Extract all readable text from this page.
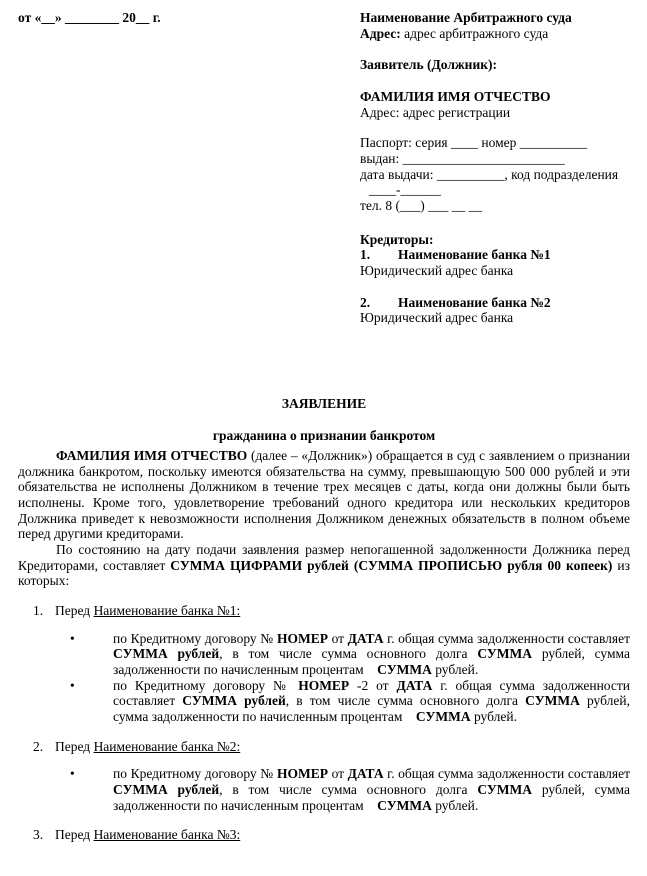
от «__» ________ 20__ г.	Наименование Арбитражного суда
Адрес: адрес арбитражного суда
Заявитель (Должник):
ФАМИЛИЯ ИМЯ ОТЧЕСТВО
Адрес: адрес регистрации
Паспорт: серия ____ номер __________
выдан: ________________________
дата выдачи: __________, код подразделения
____-______
тел. 8 (___) ___ __ __
Кредиторы:
1. Наименование банка №1
Юридический адрес банка
2. Наименование банка №2
Юридический адрес банка
ЗАЯВЛЕНИЕ
гражданина о признании банкротом

ФАМИЛИЯ ИМЯ ОТЧЕСТВО (далее – «Должник») обращается в суд с заявлением о признании должника банкротом, поскольку имеются обязательства на сумму, превышающую 500 000 рублей и эти обязательства не исполнены Должником в течение трех месяцев с даты, когда они должны были быть исполнены. Кроме того, удовлетворение требований одного кредитора или нескольких кредиторов Должника приведет к невозможности исполнения Должником денежных обязательств в полном объеме перед другими кредиторами.

По состоянию на дату подачи заявления размер непогашенной задолженности Должника перед Кредиторами, составляет СУММА ЦИФРАМИ рублей (СУММА ПРОПИСЬЮ рубля 00 копеек) из которых:

1. Перед Наименование банка №1:
•	по Кредитному договору № НОМЕР от ДАТА г. общая сумма задолженности составляет СУММА рублей, в том числе сумма основного долга СУММА рублей, сумма задолженности по начисленным процентам    СУММА рублей.
•	по Кредитному договору № НОМЕР -2 от ДАТА г. общая сумма задолженности составляет СУММА рублей, в том числе сумма основного долга СУММА рублей, сумма задолженности по начисленным процентам    СУММА рублей.
2. Перед Наименование банка №2:
•	по Кредитному договору № НОМЕР от ДАТА г. общая сумма задолженности составляет СУММА рублей, в том числе сумма основного долга СУММА рублей, сумма задолженности по начисленным процентам    СУММА рублей.
3. Перед Наименование банка №3:
